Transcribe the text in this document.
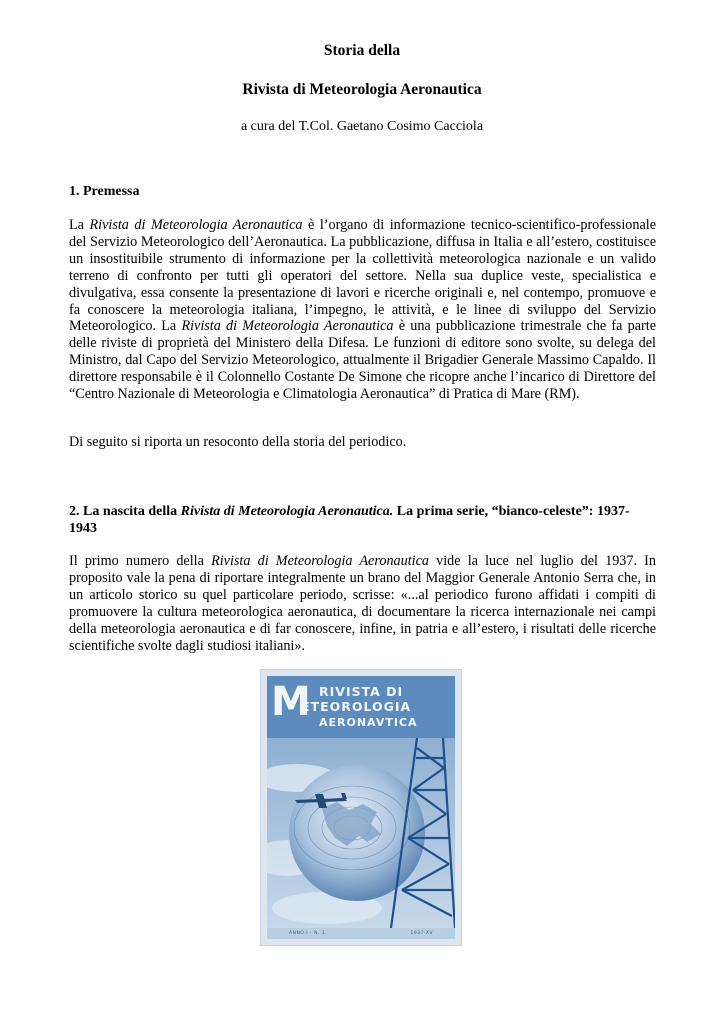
Storia della
Rivista di Meteorologia Aeronautica

a cura del T.Col. Gaetano Cosimo Cacciola

1. Premessa

La Rivista di Meteorologia Aeronautica è l’organo di informazione tecnico-scientifico-professionale del Servizio Meteorologico dell’Aeronautica. La pubblicazione, diffusa in Italia e all’estero, costituisce un insostituibile strumento di informazione per la collettività meteorologica nazionale e un valido terreno di confronto per tutti gli operatori del settore. Nella sua duplice veste, specialistica e divulgativa, essa consente la presentazione di lavori e ricerche originali e, nel contempo, promuove e fa conoscere la meteorologia italiana, l’impegno, le attività, e le linee di sviluppo del Servizio Meteorologico. La Rivista di Meteorologia Aeronautica è una pubblicazione trimestrale che fa parte delle riviste di proprietà del Ministero della Difesa. Le funzioni di editore sono svolte, su delega del Ministro, dal Capo del Servizio Meteorologico, attualmente il Brigadier Generale Massimo Capaldo. Il direttore responsabile è il Colonnello Costante De Simone che ricopre anche l’incarico di Direttore del “Centro Nazionale di Meteorologia e Climatologia Aeronautica” di Pratica di Mare (RM).

Di seguito si riporta un resoconto della storia del periodico.

2. La nascita della Rivista di Meteorologia Aeronautica. La prima serie, “bianco-celeste”: 1937-1943

Il primo numero della Rivista di Meteorologia Aeronautica vide la luce nel luglio del 1937. In proposito vale la pena di riportare integralmente un brano del Maggior Generale Antonio Serra che, in un articolo storico su quel particolare periodo, scrisse: «...al periodico furono affidati i compiti di promuovere la cultura meteorologica aeronautica, di documentare la ricerca internazionale nei campi della meteorologia aeronautica e di far conoscere, infine, in patria e all’estero, i risultati delle ricerche scientifiche svolte dagli studiosi italiani».

M RIVISTA DI
ETEOROLOGIA
AERONAVTICA
ANNO I - N. 1	1937-XV
